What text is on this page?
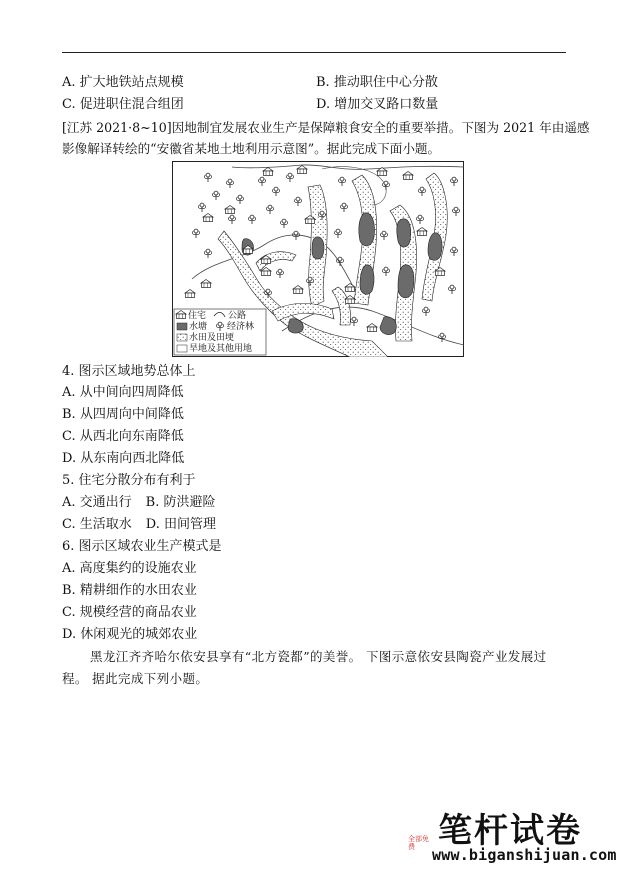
A. 扩大地铁站点规模	B. 推动职住中心分散
C. 促进职住混合组团	D. 增加交叉路口数量
[江苏 2021·8~10]因地制宜发展农业生产是保障粮食安全的重要举措。下图为 2021 年由遥感
影像解译转绘的“安徽省某地土地利用示意图”。据此完成下面小题。
住宅 公路
水塘 经济林
水田及田埂
旱地及其他用地
4. 图示区域地势总体上
A. 从中间向四周降低
B. 从四周向中间降低
C. 从西北向东南降低
D. 从东南向西北降低
5. 住宅分散分布有利于
A. 交通出行 B. 防洪避险
C. 生活取水 D. 田间管理
6. 图示区域农业生产模式是
A. 高度集约的设施农业
B. 精耕细作的水田农业
C. 规模经营的商品农业
D. 休闲观光的城郊农业
黑龙江齐齐哈尔依安县享有“北方瓷都”的美誉。 下图示意依安县陶瓷产业发展过
程。 据此完成下列小题。
笔杆试卷
全部免费	www.biganshijuan.com
